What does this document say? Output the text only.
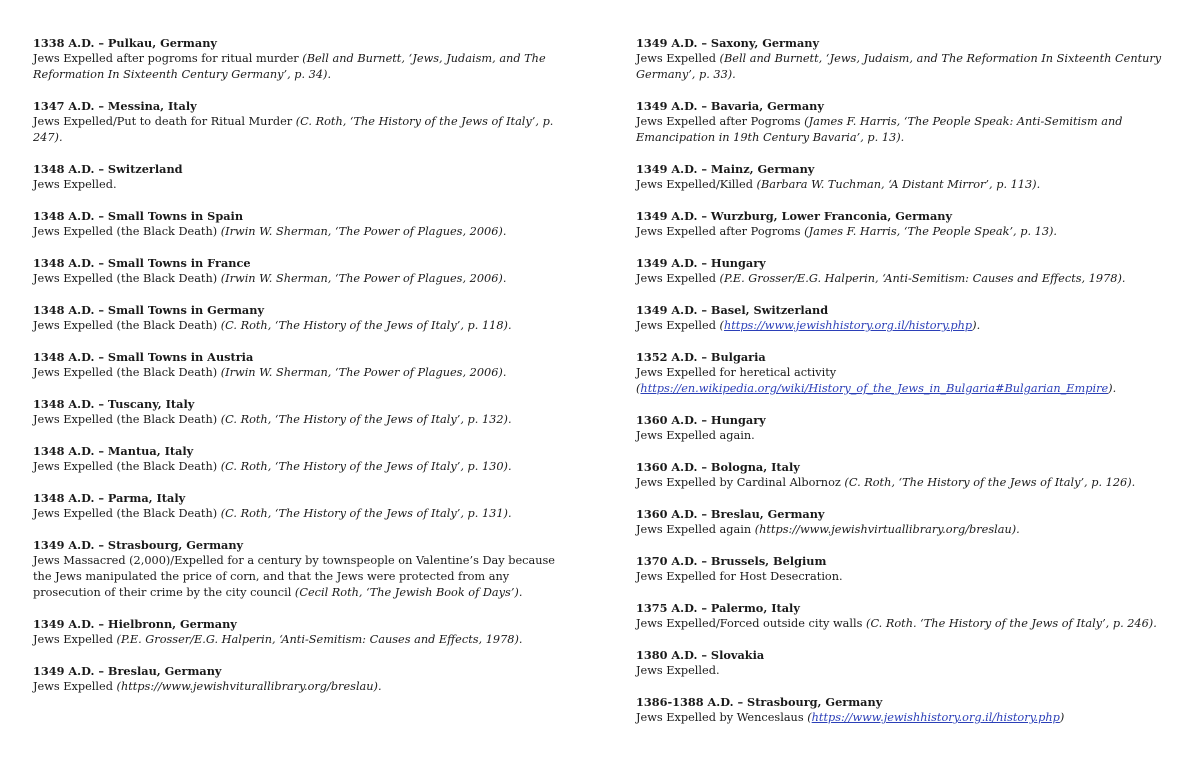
1338 A.D. – Pulkau, Germany
Jews Expelled after pogroms for ritual murder (Bell and Burnett, ‘Jews, Judaism, and The Reformation In Sixteenth Century Germany’, p. 34).
1347 A.D. – Messina, Italy
Jews Expelled/Put to death for Ritual Murder (C. Roth, ‘The History of the Jews of Italy’, p. 247).
1348 A.D. – Switzerland
Jews Expelled.
1348 A.D. – Small Towns in Spain
Jews Expelled (the Black Death) (Irwin W. Sherman, ‘The Power of Plagues, 2006).
1348 A.D. – Small Towns in France
Jews Expelled (the Black Death) (Irwin W. Sherman, ‘The Power of Plagues, 2006).
1348 A.D. – Small Towns in Germany
Jews Expelled (the Black Death) (C. Roth, ‘The History of the Jews of Italy’, p. 118).
1348 A.D. – Small Towns in Austria
Jews Expelled (the Black Death) (Irwin W. Sherman, ‘The Power of Plagues, 2006).
1348 A.D. – Tuscany, Italy
Jews Expelled (the Black Death) (C. Roth, ‘The History of the Jews of Italy’, p. 132).
1348 A.D. – Mantua, Italy
Jews Expelled (the Black Death) (C. Roth, ‘The History of the Jews of Italy’, p. 130).
1348 A.D. – Parma, Italy
Jews Expelled (the Black Death) (C. Roth, ‘The History of the Jews of Italy’, p. 131).
1349 A.D. – Strasbourg, Germany
Jews Massacred (2,000)/Expelled for a century by townspeople on Valentine’s Day because the Jews manipulated the price of corn, and that the Jews were protected from any prosecution of their crime by the city council (Cecil Roth, ‘The Jewish Book of Days’).
1349 A.D. – Hielbronn, Germany
Jews Expelled (P.E. Grosser/E.G. Halperin, ‘Anti-Semitism: Causes and Effects, 1978).
1349 A.D. – Breslau, Germany
Jews Expelled (https://www.jewishviturallibrary.org/breslau).
1349 A.D. – Saxony, Germany
Jews Expelled (Bell and Burnett, ‘Jews, Judaism, and The Reformation In Sixteenth Century Germany’, p. 33).
1349 A.D. – Bavaria, Germany
Jews Expelled after Pogroms (James F. Harris, ‘The People Speak: Anti-Semitism and Emancipation in 19th Century Bavaria’, p. 13).
1349 A.D. – Mainz, Germany
Jews Expelled/Killed (Barbara W. Tuchman, ‘A Distant Mirror’, p. 113).
1349 A.D. – Wurzburg, Lower Franconia, Germany
Jews Expelled after Pogroms (James F. Harris, ‘The People Speak’, p. 13).
1349 A.D. – Hungary
Jews Expelled (P.E. Grosser/E.G. Halperin, ‘Anti-Semitism: Causes and Effects, 1978).
1349 A.D. – Basel, Switzerland
Jews Expelled (https://www.jewishhistory.org.il/history.php).
1352 A.D. – Bulgaria
Jews Expelled for heretical activity (https://en.wikipedia.org/wiki/History_of_the_Jews_in_Bulgaria#Bulgarian_Empire).
1360 A.D. – Hungary
Jews Expelled again.
1360 A.D. – Bologna, Italy
Jews Expelled by Cardinal Albornoz (C. Roth, ‘The History of the Jews of Italy’, p. 126).
1360 A.D. – Breslau, Germany
Jews Expelled again (https://www.jewishvirtuallibrary.org/breslau).
1370 A.D. – Brussels, Belgium
Jews Expelled for Host Desecration.
1375 A.D. – Palermo, Italy
Jews Expelled/Forced outside city walls (C. Roth. ‘The History of the Jews of Italy’, p. 246).
1380 A.D. – Slovakia
Jews Expelled.
1386-1388 A.D. – Strasbourg, Germany
Jews Expelled by Wenceslaus (https://www.jewishhistory.org.il/history.php)
